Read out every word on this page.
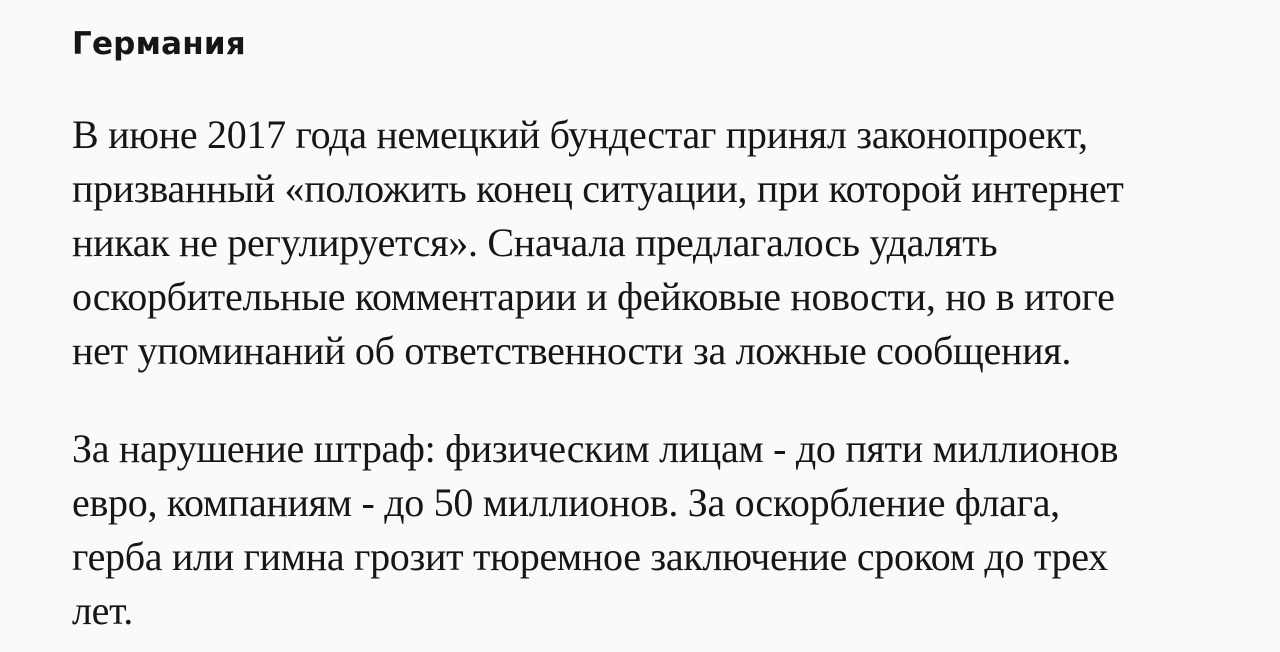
Германия

В июне 2017 года немецкий бундестаг принял законопроект,
призванный «положить конец ситуации, при которой интернет
никак не регулируется». Сначала предлагалось удалять
оскорбительные комментарии и фейковые новости, но в итоге
нет упоминаний об ответственности за ложные сообщения.

За нарушение штраф: физическим лицам - до пяти миллионов
евро, компаниям - до 50 миллионов. За оскорбление флага,
герба или гимна грозит тюремное заключение сроком до трех
лет.
